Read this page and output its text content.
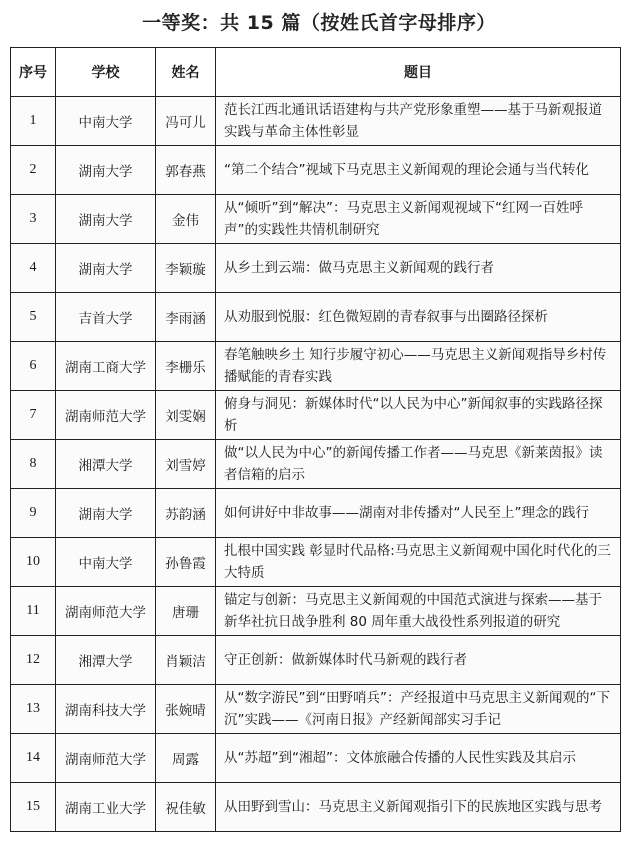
一等奖：共 15 篇（按姓氏首字母排序）
序号	学校	姓名	题目
1	中南大学	冯可儿	范长江西北通讯话语建构与共产党形象重塑——基于马新观报道实践与革命主体性彰显
2	湖南大学	郭春燕	“第二个结合”视域下马克思主义新闻观的理论会通与当代转化
3	湖南大学	金伟	从“倾听”到“解决”：马克思主义新闻观视域下“红网一百姓呼声”的实践性共情机制研究
4	湖南大学	李颖璇	从乡土到云端：做马克思主义新闻观的践行者
5	吉首大学	李雨涵	从劝服到悦服：红色微短剧的青春叙事与出圈路径探析
6	湖南工商大学	李栅乐	春笔触映乡土 知行步履守初心——马克思主义新闻观指导乡村传播赋能的青春实践
7	湖南师范大学	刘雯娴	俯身与洞见：新媒体时代“以人民为中心”新闻叙事的实践路径探析
8	湘潭大学	刘雪婷	做“以人民为中心”的新闻传播工作者——马克思《新莱茵报》读者信箱的启示
9	湖南大学	苏韵涵	如何讲好中非故事——湖南对非传播对“人民至上”理念的践行
10	中南大学	孙鲁霞	扎根中国实践 彰显时代品格:马克思主义新闻观中国化时代化的三大特质
11	湖南师范大学	唐珊	锚定与创新：马克思主义新闻观的中国范式演进与探索——基于新华社抗日战争胜利 80 周年重大战役性系列报道的研究
12	湘潭大学	肖颖洁	守正创新：做新媒体时代马新观的践行者
13	湖南科技大学	张婉晴	从“数字游民”到“田野哨兵”：产经报道中马克思主义新闻观的“下沉”实践——《河南日报》产经新闻部实习手记
14	湖南师范大学	周露	从“苏超”到“湘超”：文体旅融合传播的人民性实践及其启示
15	湖南工业大学	祝佳敏	从田野到雪山：马克思主义新闻观指引下的民族地区实践与思考
